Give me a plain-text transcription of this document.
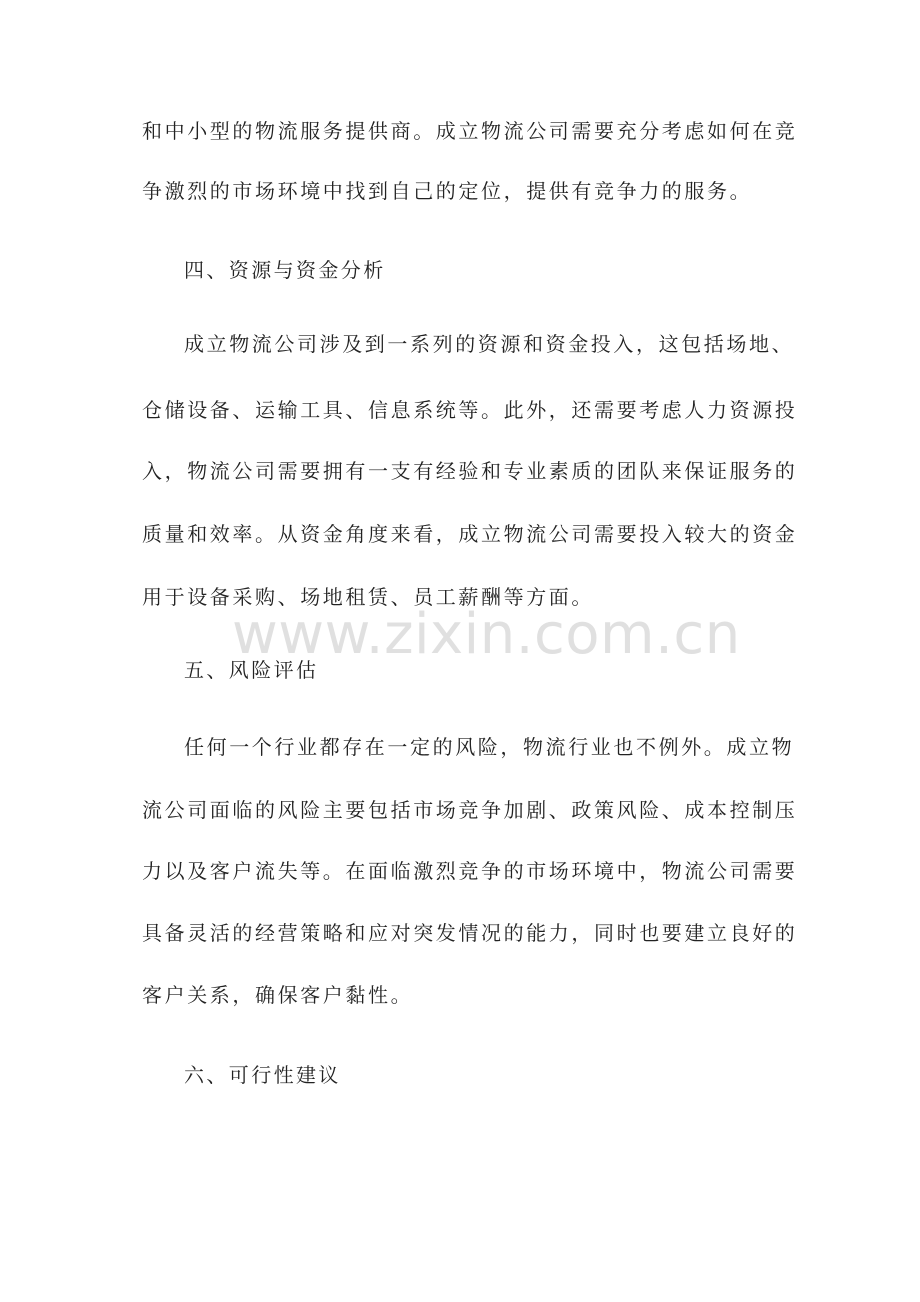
和中小型的物流服务提供商。成立物流公司需要充分考虑如何在竞
争激烈的市场环境中找到自己的定位，提供有竞争力的服务。
四、资源与资金分析
成立物流公司涉及到一系列的资源和资金投入，这包括场地、
仓储设备、运输工具、信息系统等。此外，还需要考虑人力资源投
入，物流公司需要拥有一支有经验和专业素质的团队来保证服务的
质量和效率。从资金角度来看，成立物流公司需要投入较大的资金
用于设备采购、场地租赁、员工薪酬等方面。
五、风险评估
任何一个行业都存在一定的风险，物流行业也不例外。成立物
流公司面临的风险主要包括市场竞争加剧、政策风险、成本控制压
力以及客户流失等。在面临激烈竞争的市场环境中，物流公司需要
具备灵活的经营策略和应对突发情况的能力，同时也要建立良好的
客户关系，确保客户黏性。
六、可行性建议
www.zixin.com.cn
